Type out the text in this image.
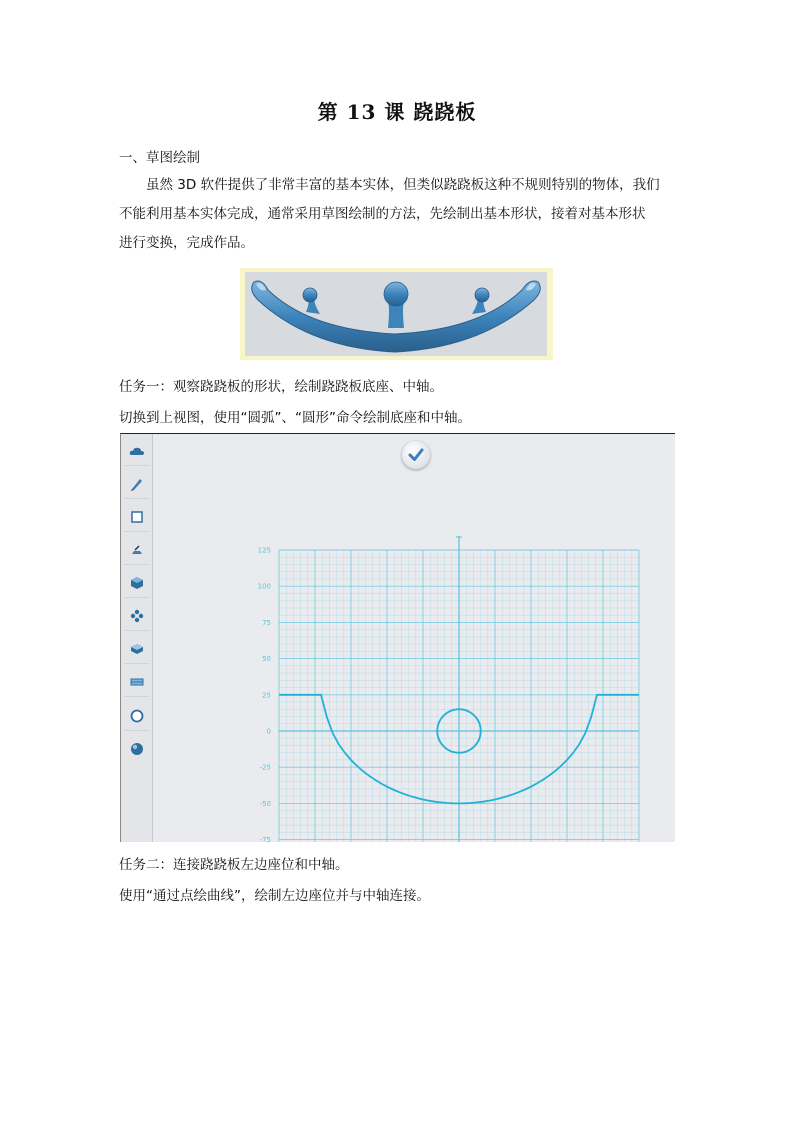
第 13 课 跷跷板
一、草图绘制
虽然 3D 软件提供了非常丰富的基本实体，但类似跷跷板这种不规则特别的物体，我们
不能利用基本实体完成，通常采用草图绘制的方法，先绘制出基本形状，接着对基本形状
进行变换，完成作品。
任务一：观察跷跷板的形状，绘制跷跷板底座、中轴。
切换到上视图，使用“圆弧”、“圆形”命令绘制底座和中轴。
125
100
75
50
25
0
-25
-50
-75
任务二：连接跷跷板左边座位和中轴。
使用“通过点绘曲线”，绘制左边座位并与中轴连接。
